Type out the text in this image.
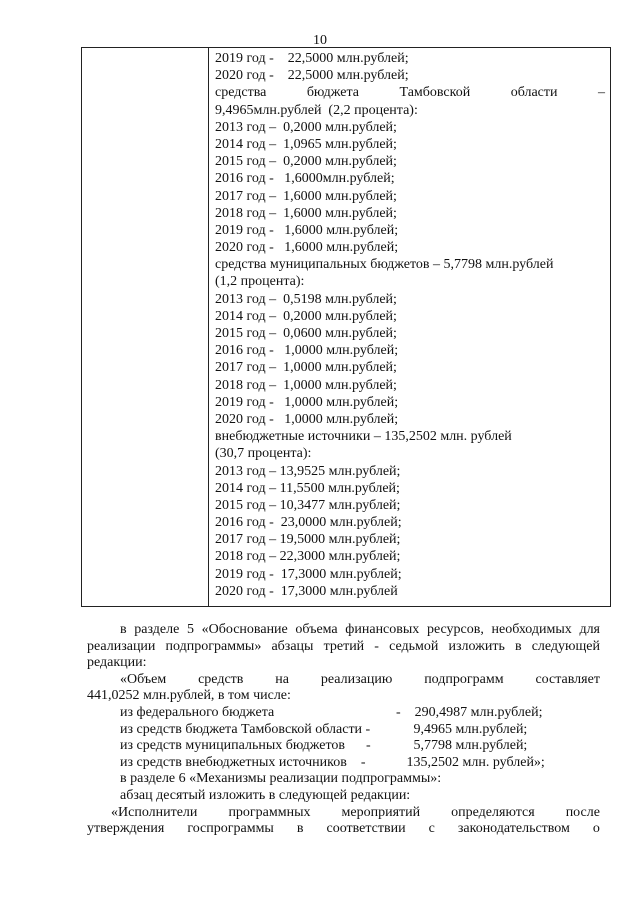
10
2019 год -    22,5000 млн.рублей;
2020 год -    22,5000 млн.рублей;
средства	бюджета	Тамбовской	области	–
9,4965млн.рублей  (2,2 процента):
2013 год –  0,2000 млн.рублей;
2014 год –  1,0965 млн.рублей;
2015 год –  0,2000 млн.рублей;
2016 год -   1,6000млн.рублей;
2017 год –  1,6000 млн.рублей;
2018 год –  1,6000 млн.рублей;
2019 год -   1,6000 млн.рублей;
2020 год -   1,6000 млн.рублей;
средства муниципальных бюджетов – 5,7798 млн.рублей
(1,2 процента):
2013 год –  0,5198 млн.рублей;
2014 год –  0,2000 млн.рублей;
2015 год –  0,0600 млн.рублей;
2016 год -   1,0000 млн.рублей;
2017 год –  1,0000 млн.рублей;
2018 год –  1,0000 млн.рублей;
2019 год -   1,0000 млн.рублей;
2020 год -   1,0000 млн.рублей;
внебюджетные источники – 135,2502 млн. рублей
(30,7 процента):
2013 год – 13,9525 млн.рублей;
2014 год – 11,5500 млн.рублей;
2015 год – 10,3477 млн.рублей;
2016 год -  23,0000 млн.рублей;
2017 год – 19,5000 млн.рублей;
2018 год – 22,3000 млн.рублей;
2019 год -  17,3000 млн.рублей;
2020 год -  17,3000 млн.рублей

в разделе 5 «Обоснование объема финансовых ресурсов, необходимых для реализации подпрограммы» абзацы третий - седьмой изложить в следующей редакции:

«Объем средств на реализацию подпрограмм составляет

441,0252 млн.рублей, в том числе:

из федерального бюджета	-    290,4987 млн.рублей;
из средств бюджета Тамбовской области -	9,4965 млн.рублей;
из средств муниципальных бюджетов      -	5,7798 млн.рублей;
из средств внебюджетных источников    -	135,2502 млн. рублей»;

в разделе 6 «Механизмы реализации подпрограммы»:

абзац десятый изложить в следующей редакции:

«Исполнители программных мероприятий определяются после
утверждения госпрограммы в соответствии с законодательством о
